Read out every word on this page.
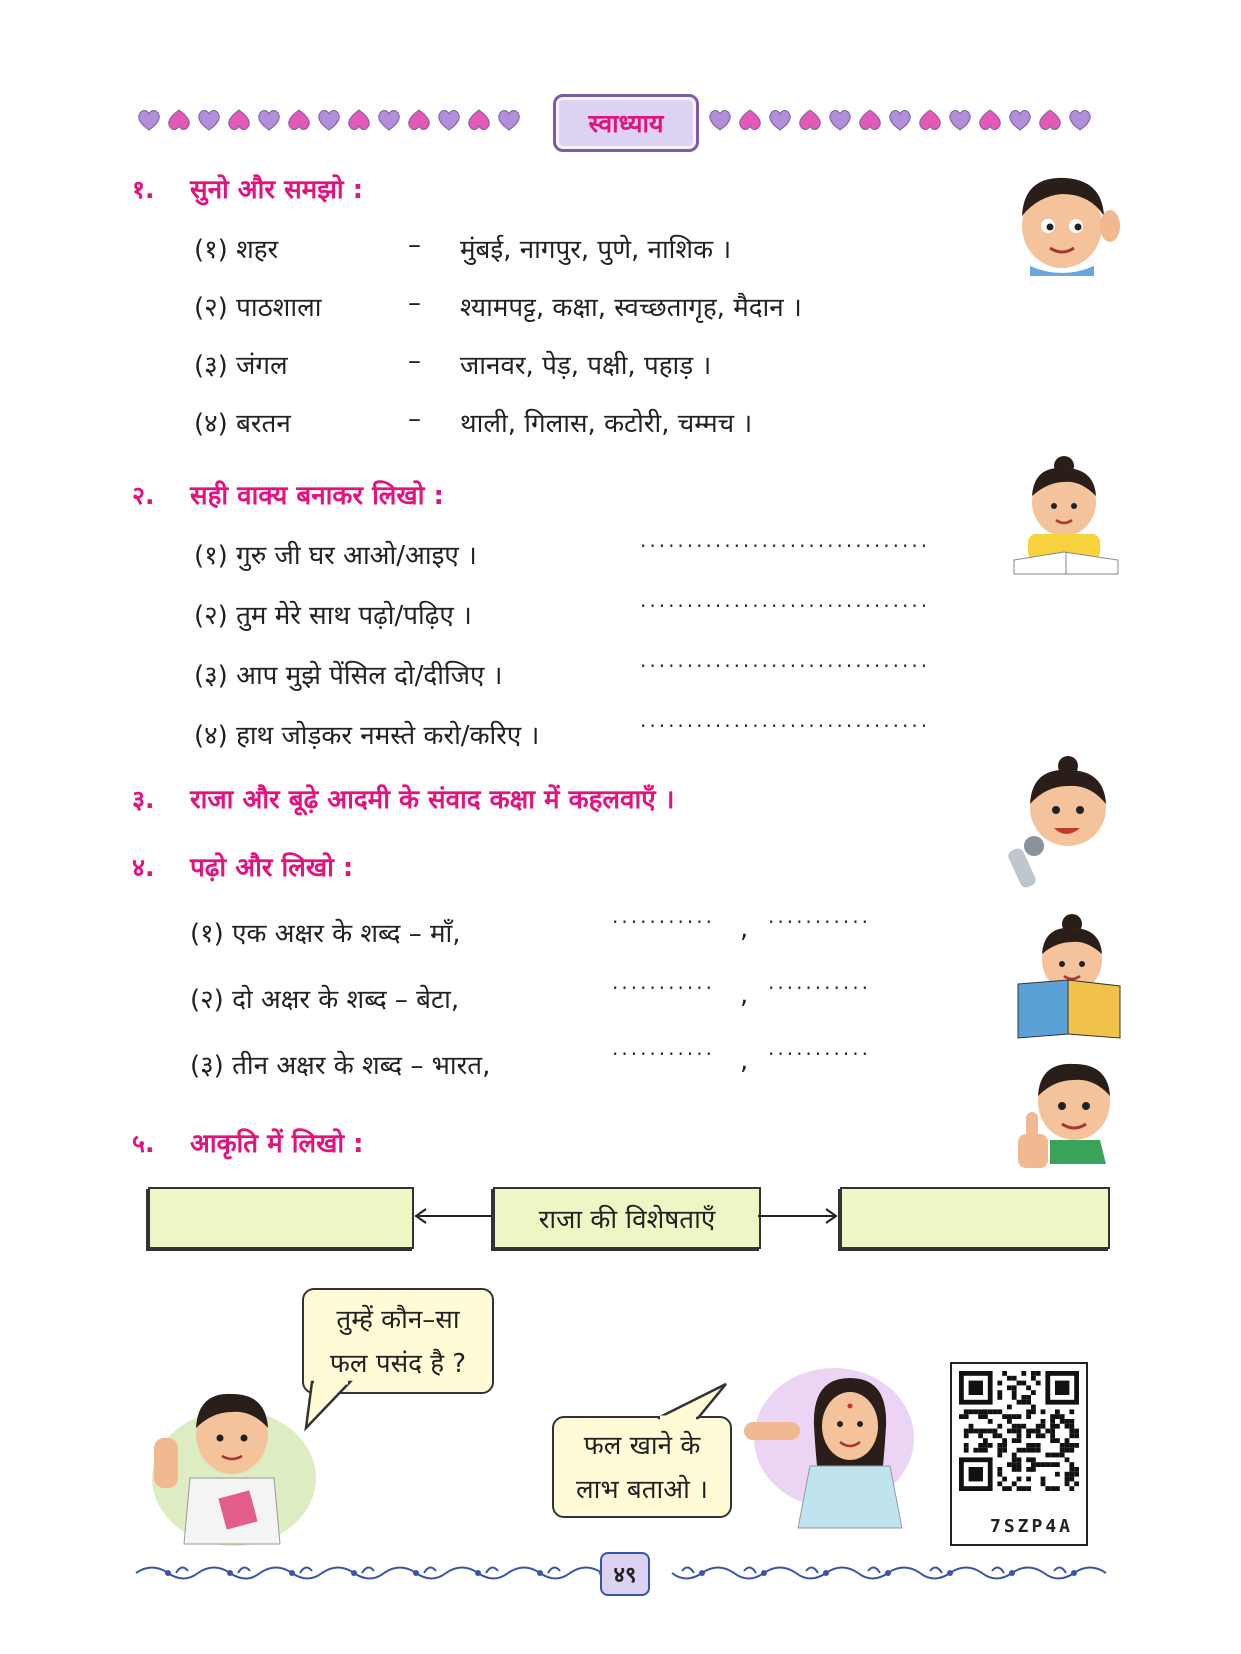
स्वाध्याय
१. सुनो और समझो :
(१) शहर	– मुंबई, नागपुर, पुणे, नाशिक ।
(२) पाठशाला	– श्यामपट्ट, कक्षा, स्वच्छतागृह, मैदान ।
(३) जंगल	– जानवर, पेड़, पक्षी, पहाड़ ।
(४) बरतन	– थाली, गिलास, कटोरी, चम्मच ।
२. सही वाक्य बनाकर लिखो :
(१) गुरु जी घर आओ/आइए ।
...............................
(२) तुम मेरे साथ पढ़ो/पढ़िए ।
...............................
(३) आप मुझे पेंसिल दो/दीजिए ।
...............................
(४) हाथ जोड़कर नमस्ते करो/करिए ।
...............................
३. राजा और बूढ़े आदमी के संवाद कक्षा में कहलवाएँ ।
४. पढ़ो और लिखो :
(१) एक अक्षर के शब्द – माँ,
........... , ...........
(२) दो अक्षर के शब्द – बेटा,
........... , ...........
(३) तीन अक्षर के शब्द – भारत,
........... , ...........
५. आकृति में लिखो :
राजा की विशेषताएँ
तुम्हें कौन–सा
फल पसंद है ?
फल खाने के
लाभ बताओ ।
7SZP4A
४९
